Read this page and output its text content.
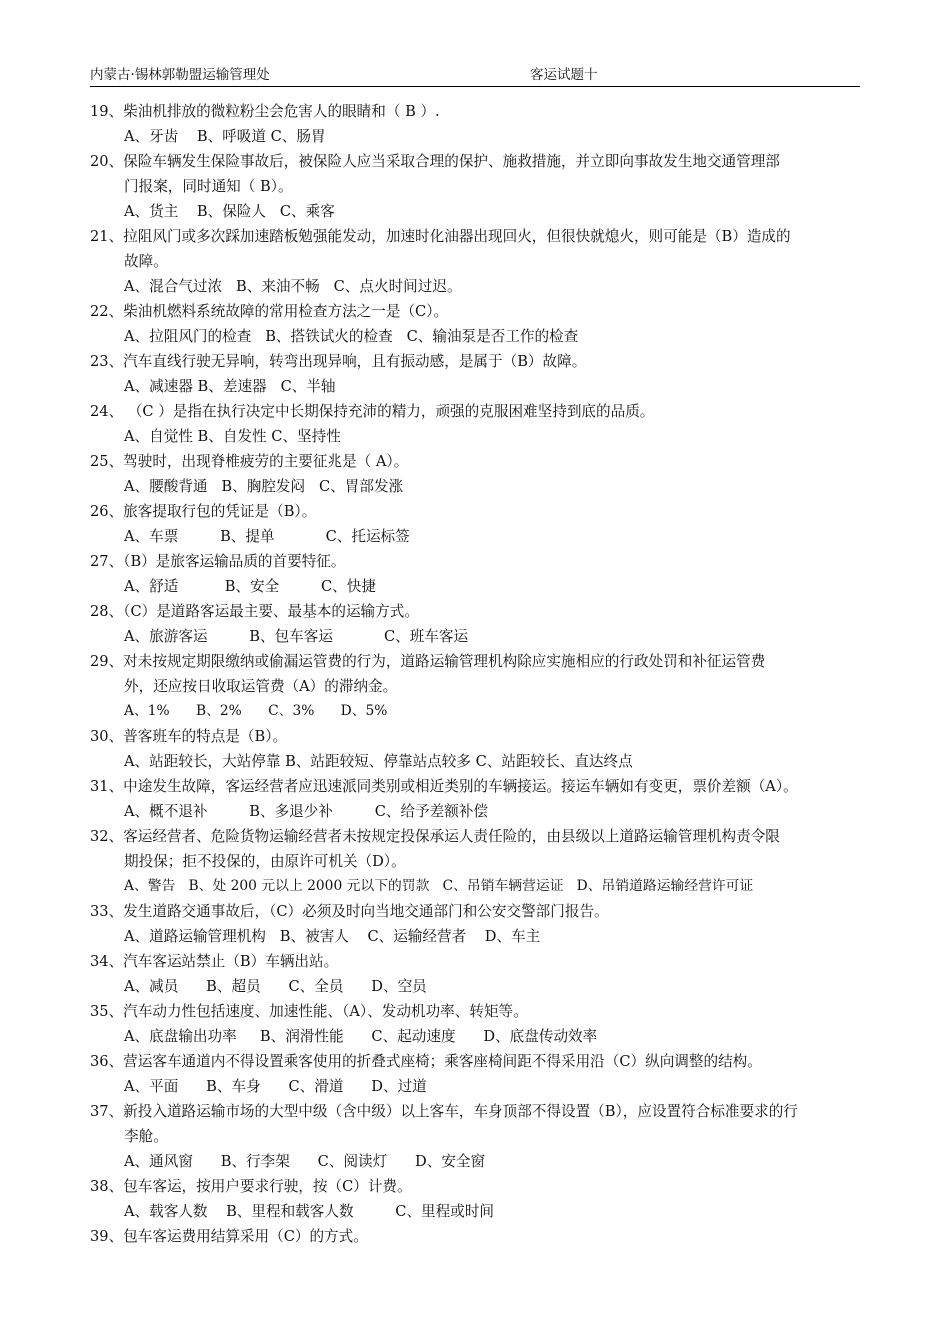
内蒙古·锡林郭勒盟运输管理处	客运试题十
19、柴油机排放的微粒粉尘会危害人的眼睛和（ B ）.
A、牙齿    B、呼吸道 C、肠胃
20、保险车辆发生保险事故后，被保险人应当采取合理的保护、施救措施，并立即向事故发生地交通管理部
门报案，同时通知（ B）。
A、货主    B、保险人   C、乘客
21、拉阻风门或多次踩加速踏板勉强能发动，加速时化油器出现回火，但很快就熄火，则可能是（B）造成的
故障。
A、混合气过浓   B、来油不畅   C、点火时间过迟。
22、柴油机燃料系统故障的常用检查方法之一是（C）。
A、拉阻风门的检查   B、搭铁试火的检查   C、输油泵是否工作的检查
23、汽车直线行驶无异响，转弯出现异响，且有振动感，是属于（B）故障。
A、减速器 B、差速器   C、半轴
24、 （C ）是指在执行决定中长期保持充沛的精力，顽强的克服困难坚持到底的品质。
A、自觉性 B、自发性 C、坚持性
25、驾驶时，出现脊椎疲劳的主要征兆是（ A）。
A、腰酸背通   B、胸腔发闷   C、胃部发涨
26、旅客提取行包的凭证是（B）。
A、车票         B、提单           C、托运标签
27、（B）是旅客运输品质的首要特征。
A、舒适          B、安全         C、快捷
28、（C）是道路客运最主要、最基本的运输方式。
A、旅游客运         B、包车客运           C、班车客运
29、对未按规定期限缴纳或偷漏运管费的行为，道路运输管理机构除应实施相应的行政处罚和补征运管费
外，还应按日收取运管费（A）的滞纳金。
A、1%      B、2%      C、3%      D、5%
30、普客班车的特点是（B）。
A、站距较长，大站停靠 B、站距较短、停靠站点较多 C、站距较长、直达终点
31、中途发生故障，客运经营者应迅速派同类别或相近类别的车辆接运。接运车辆如有变更，票价差额（A）。
A、概不退补         B、多退少补         C、给予差额补偿
32、客运经营者、危险货物运输经营者未按规定投保承运人责任险的，由县级以上道路运输管理机构责令限
期投保；拒不投保的，由原许可机关（D）。
A、警告   B、处 200 元以上 2000 元以下的罚款   C、吊销车辆营运证   D、吊销道路运输经营许可证
33、发生道路交通事故后，（C）必须及时向当地交通部门和公安交警部门报告。
A、道路运输管理机构   B、被害人    C、运输经营者    D、车主
34、汽车客运站禁止（B）车辆出站。
A、减员      B、超员      C、全员      D、空员
35、汽车动力性包括速度、加速性能、（A）、发动机功率、转矩等。
A、底盘输出功率     B、润滑性能      C、起动速度      D、底盘传动效率
36、营运客车通道内不得设置乘客使用的折叠式座椅；乘客座椅间距不得采用沿（C）纵向调整的结构。
A、平面      B、车身      C、滑道      D、过道
37、新投入道路运输市场的大型中级（含中级）以上客车，车身顶部不得设置（B），应设置符合标准要求的行
李舱。
A、通风窗      B、行李架      C、阅读灯      D、安全窗
38、包车客运，按用户要求行驶，按（C）计费。
A、载客人数    B、里程和载客人数         C、里程或时间
39、包车客运费用结算采用（C）的方式。
